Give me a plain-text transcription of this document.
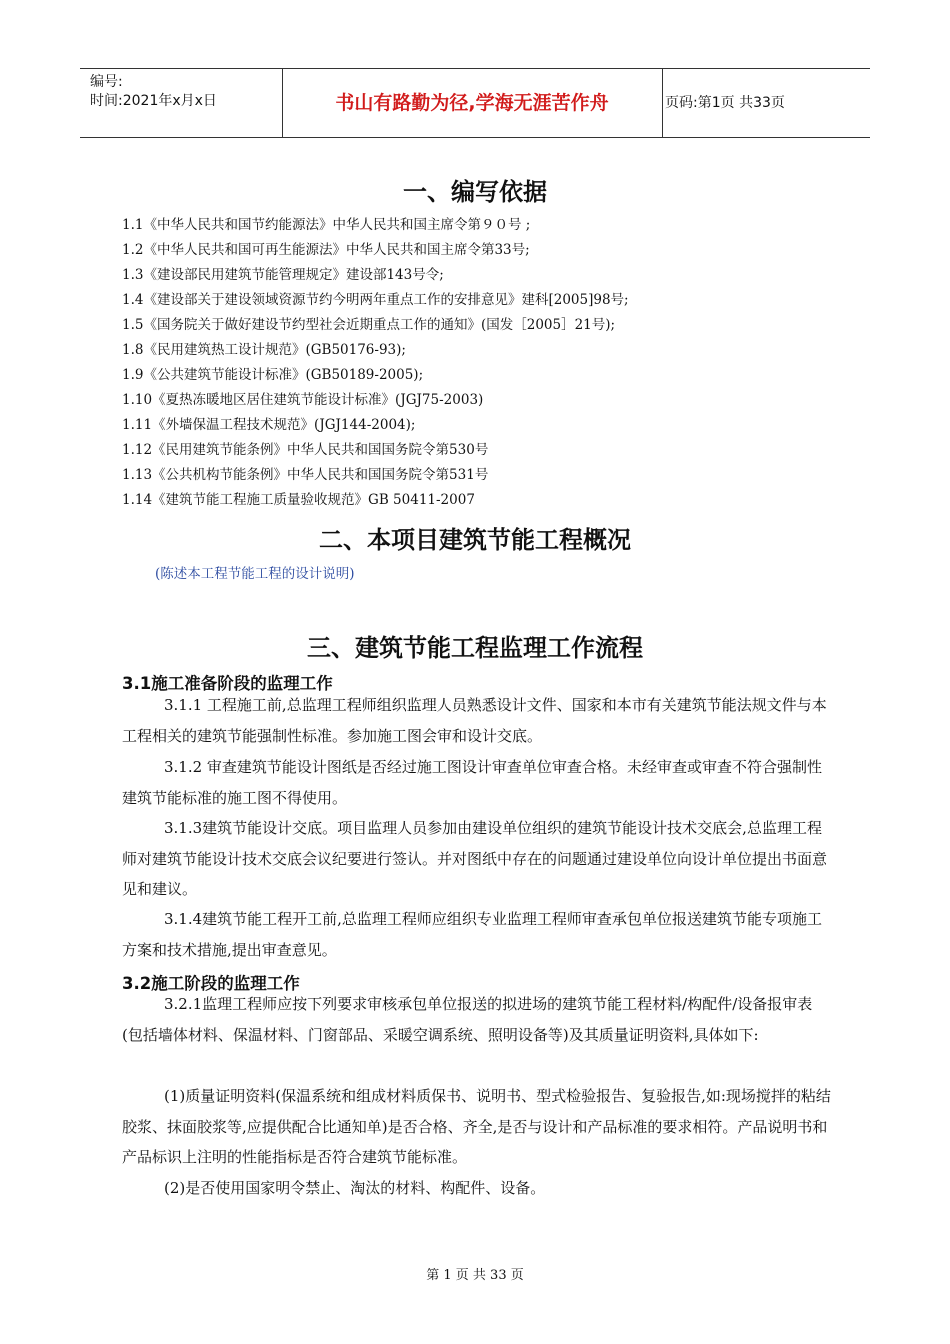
编号:
时间:2021年x月x日	书山有路勤为径,学海无涯苦作舟	页码:第1页 共33页
一、编写依据
1.1《中华人民共和国节约能源法》中华人民共和国主席令第９０号 ;
1.2《中华人民共和国可再生能源法》中华人民共和国主席令第33号;
1.3《建设部民用建筑节能管理规定》建设部143号令;
1.4《建设部关于建设领域资源节约今明两年重点工作的安排意见》建科[2005]98号;
1.5《国务院关于做好建设节约型社会近期重点工作的通知》(国发［2005］21号);
1.8《民用建筑热工设计规范》(GB50176-93);
1.9《公共建筑节能设计标准》(GB50189-2005);
1.10《夏热冻暖地区居住建筑节能设计标准》(JGJ75-2003)
1.11《外墙保温工程技术规范》(JGJ144-2004);
1.12《民用建筑节能条例》中华人民共和国国务院令第530号
1.13《公共机构节能条例》中华人民共和国国务院令第531号
1.14《建筑节能工程施工质量验收规范》GB 50411-2007
二、本项目建筑节能工程概况
(陈述本工程节能工程的设计说明)
三、建筑节能工程监理工作流程
3.1施工准备阶段的监理工作
3.1.1 工程施工前,总监理工程师组织监理人员熟悉设计文件、国家和本市有关建筑节能法规文件与本工程相关的建筑节能强制性标准。参加施工图会审和设计交底。
3.1.2 审查建筑节能设计图纸是否经过施工图设计审查单位审查合格。未经审查或审查不符合强制性建筑节能标准的施工图不得使用。
3.1.3建筑节能设计交底。项目监理人员参加由建设单位组织的建筑节能设计技术交底会,总监理工程师对建筑节能设计技术交底会议纪要进行签认。并对图纸中存在的问题通过建设单位向设计单位提出书面意见和建议。
3.1.4建筑节能工程开工前,总监理工程师应组织专业监理工程师审查承包单位报送建筑节能专项施工方案和技术措施,提出审查意见。
3.2施工阶段的监理工作
3.2.1监理工程师应按下列要求审核承包单位报送的拟进场的建筑节能工程材料/构配件/设备报审表(包括墙体材料、保温材料、门窗部品、采暖空调系统、照明设备等)及其质量证明资料,具体如下:
(1)质量证明资料(保温系统和组成材料质保书、说明书、型式检验报告、复验报告,如:现场搅拌的粘结胶浆、抹面胶浆等,应提供配合比通知单)是否合格、齐全,是否与设计和产品标准的要求相符。产品说明书和产品标识上注明的性能指标是否符合建筑节能标准。
(2)是否使用国家明令禁止、淘汰的材料、构配件、设备。
第 1 页 共 33 页
